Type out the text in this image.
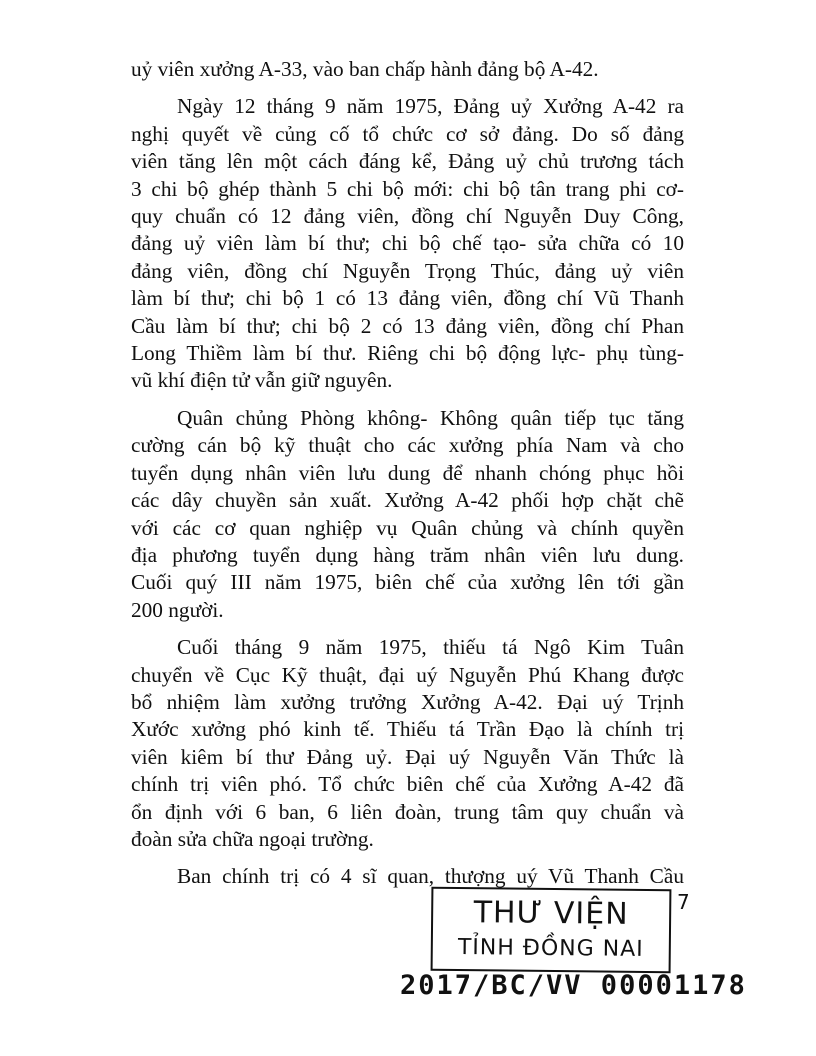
uỷ viên xưởng A-33, vào ban chấp hành đảng bộ A-42.
Ngày 12 tháng 9 năm 1975, Đảng uỷ Xưởng A-42 ra
nghị quyết về củng cố tổ chức cơ sở đảng. Do số đảng
viên tăng lên một cách đáng kể, Đảng uỷ chủ trương tách
3 chi bộ ghép thành 5 chi bộ mới: chi bộ tân trang phi cơ-
quy chuẩn có 12 đảng viên, đồng chí Nguyễn Duy Công,
đảng uỷ viên làm bí thư; chi bộ chế tạo- sửa chữa có 10
đảng viên, đồng chí Nguyễn Trọng Thúc, đảng uỷ viên
làm bí thư; chi bộ 1 có 13 đảng viên, đồng chí Vũ Thanh
Cầu làm bí thư; chi bộ 2 có 13 đảng viên, đồng chí Phan
Long Thiềm làm bí thư. Riêng chi bộ động lực- phụ tùng-
vũ khí điện tử vẫn giữ nguyên.
Quân chủng Phòng không- Không quân tiếp tục tăng
cường cán bộ kỹ thuật cho các xưởng phía Nam và cho
tuyển dụng nhân viên lưu dung để nhanh chóng phục hồi
các dây chuyền sản xuất. Xưởng A-42 phối hợp chặt chẽ
với các cơ quan nghiệp vụ Quân chủng và chính quyền
địa phương tuyển dụng hàng trăm nhân viên lưu dung.
Cuối quý III năm 1975, biên chế của xưởng lên tới gần
200 người.
Cuối tháng 9 năm 1975, thiếu tá Ngô Kim Tuân
chuyển về Cục Kỹ thuật, đại uý Nguyễn Phú Khang được
bổ nhiệm làm xưởng trưởng Xưởng A-42. Đại uý Trịnh
Xước xưởng phó kinh tế. Thiếu tá Trần Đạo là chính trị
viên kiêm bí thư Đảng uỷ. Đại uý Nguyễn Văn Thức là
chính trị viên phó. Tổ chức biên chế của Xưởng A-42 đã
ổn định với 6 ban, 6 liên đoàn, trung tâm quy chuẩn và
đoàn sửa chữa ngoại trường.
Ban chính trị có 4 sĩ quan, thượng uý Vũ Thanh Cầu
THƯ VIỆN
TỈNH ĐỒNG NAI
7
2017/BC/VV 00001178
